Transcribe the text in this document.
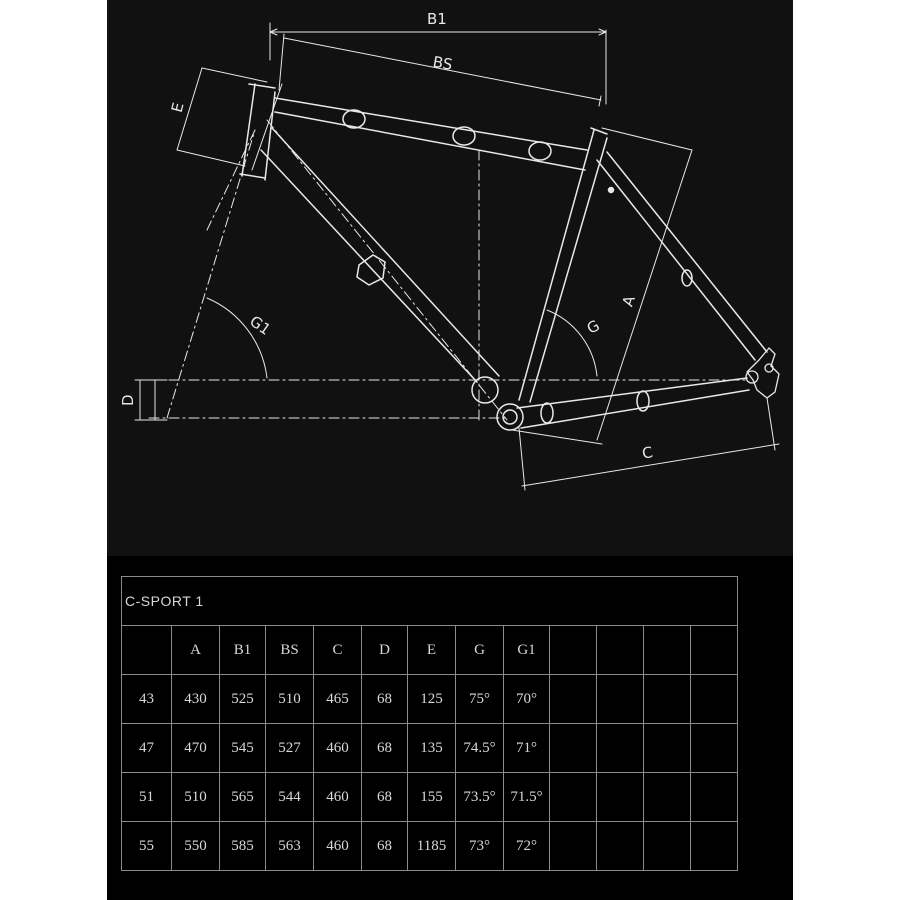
B1
BS
E
A
C
D
G
G1
C-SPORT 1												
	A	B1	BS	C	D	E	G	G1				
43	430	525	510	465	68	125	75°	70°				
47	470	545	527	460	68	135	74.5°	71°				
51	510	565	544	460	68	155	73.5°	71.5°				
55	550	585	563	460	68	1185	73°	72°				
